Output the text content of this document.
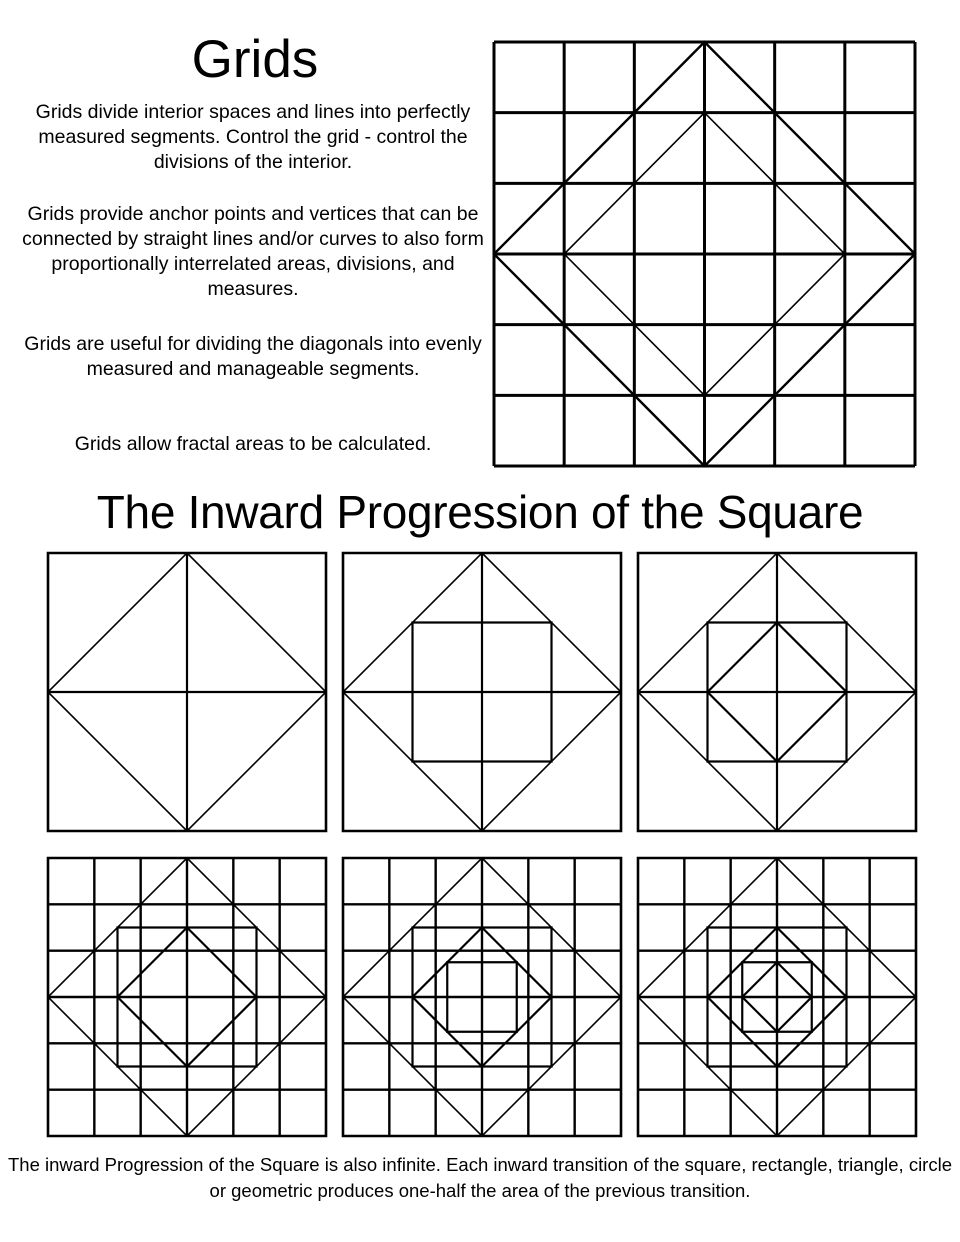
Grids
Grids divide interior spaces and lines into perfectly measured segments. Control the grid - control the divisions of the interior.
Grids provide anchor points and vertices that can be connected by straight lines and/or curves to also form proportionally interrelated areas, divisions, and measures.
Grids are useful for dividing the diagonals into evenly measured and manageable segments.
Grids allow fractal areas to be calculated.
The Inward Progression of the Square
The inward Progression of the Square is also infinite. Each inward transition of the square, rectangle, triangle, circle or geometric produces one-half the area of the previous transition.
